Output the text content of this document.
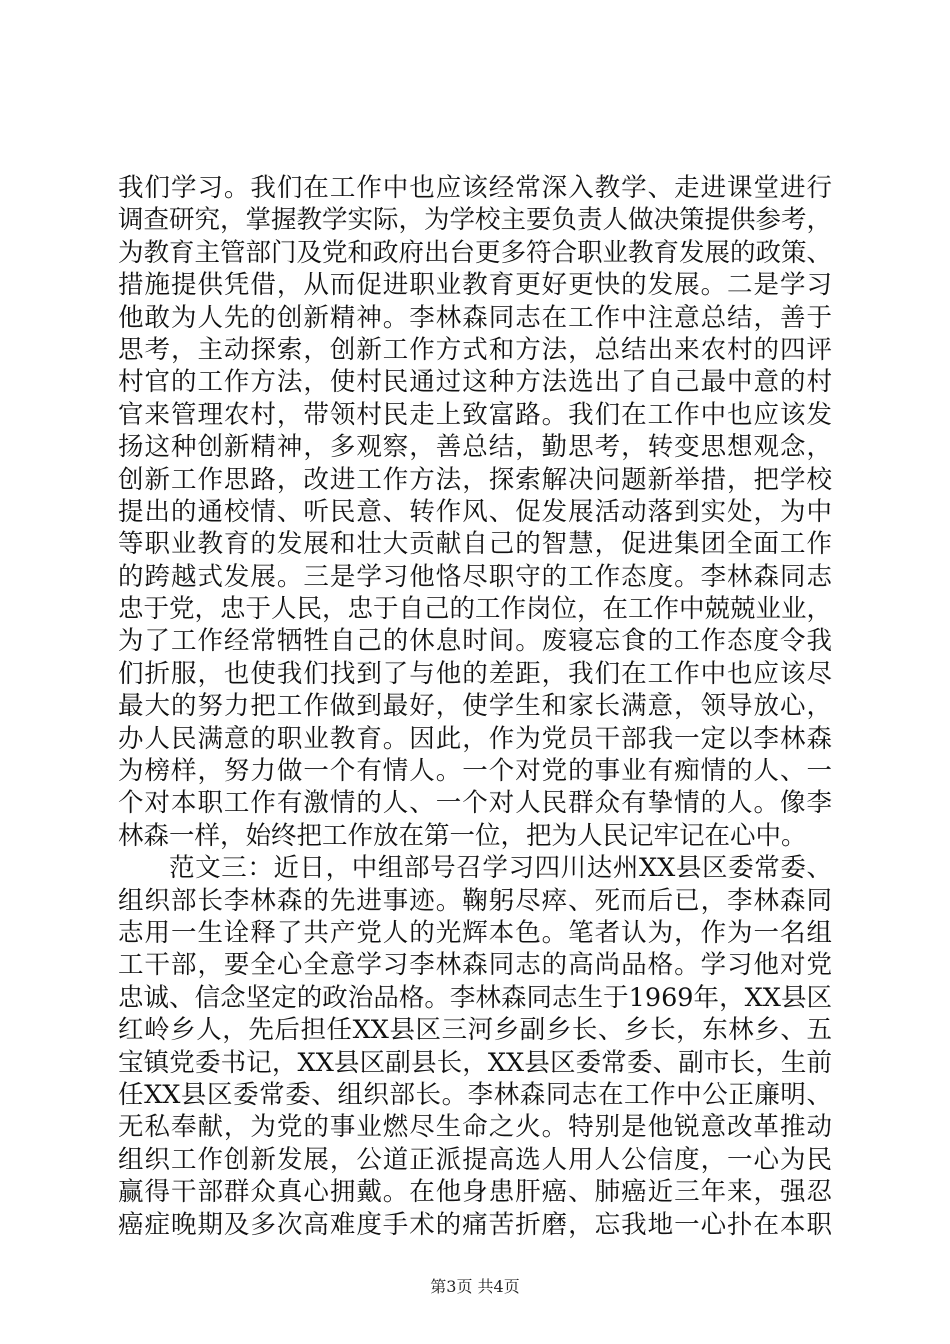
我们学习。我们在工作中也应该经常深入教学、走进课堂进行
调查研究，掌握教学实际，为学校主要负责人做决策提供参考，
为教育主管部门及党和政府出台更多符合职业教育发展的政策、
措施提供凭借，从而促进职业教育更好更快的发展。二是学习
他敢为人先的创新精神。李林森同志在工作中注意总结，善于
思考，主动探索，创新工作方式和方法，总结出来农村的四评
村官的工作方法，使村民通过这种方法选出了自己最中意的村
官来管理农村，带领村民走上致富路。我们在工作中也应该发
扬这种创新精神，多观察，善总结，勤思考，转变思想观念，
创新工作思路，改进工作方法，探索解决问题新举措，把学校
提出的通校情、听民意、转作风、促发展活动落到实处，为中
等职业教育的发展和壮大贡献自己的智慧，促进集团全面工作
的跨越式发展。三是学习他恪尽职守的工作态度。李林森同志
忠于党，忠于人民，忠于自己的工作岗位，在工作中兢兢业业，
为了工作经常牺牲自己的休息时间。废寝忘食的工作态度令我
们折服，也使我们找到了与他的差距，我们在工作中也应该尽
最大的努力把工作做到最好，使学生和家长满意，领导放心，
办人民满意的职业教育。因此，作为党员干部我一定以李林森
为榜样，努力做一个有情人。一个对党的事业有痴情的人、一
个对本职工作有激情的人、一个对人民群众有挚情的人。像李
林森一样，始终把工作放在第一位，把为人民记牢记在心中。
范文三：近日，中组部号召学习四川达州XX县区委常委、
组织部长李林森的先进事迹。鞠躬尽瘁、死而后已，李林森同
志用一生诠释了共产党人的光辉本色。笔者认为，作为一名组
工干部，要全心全意学习李林森同志的高尚品格。学习他对党
忠诚、信念坚定的政治品格。李林森同志生于1969年，XX县区
红岭乡人，先后担任XX县区三河乡副乡长、乡长，东林乡、五
宝镇党委书记，XX县区副县长，XX县区委常委、副市长，生前
任XX县区委常委、组织部长。李林森同志在工作中公正廉明、
无私奉献，为党的事业燃尽生命之火。特别是他锐意改革推动
组织工作创新发展，公道正派提高选人用人公信度，一心为民
赢得干部群众真心拥戴。在他身患肝癌、肺癌近三年来，强忍
癌症晚期及多次高难度手术的痛苦折磨，忘我地一心扑在本职
第3页 共4页
